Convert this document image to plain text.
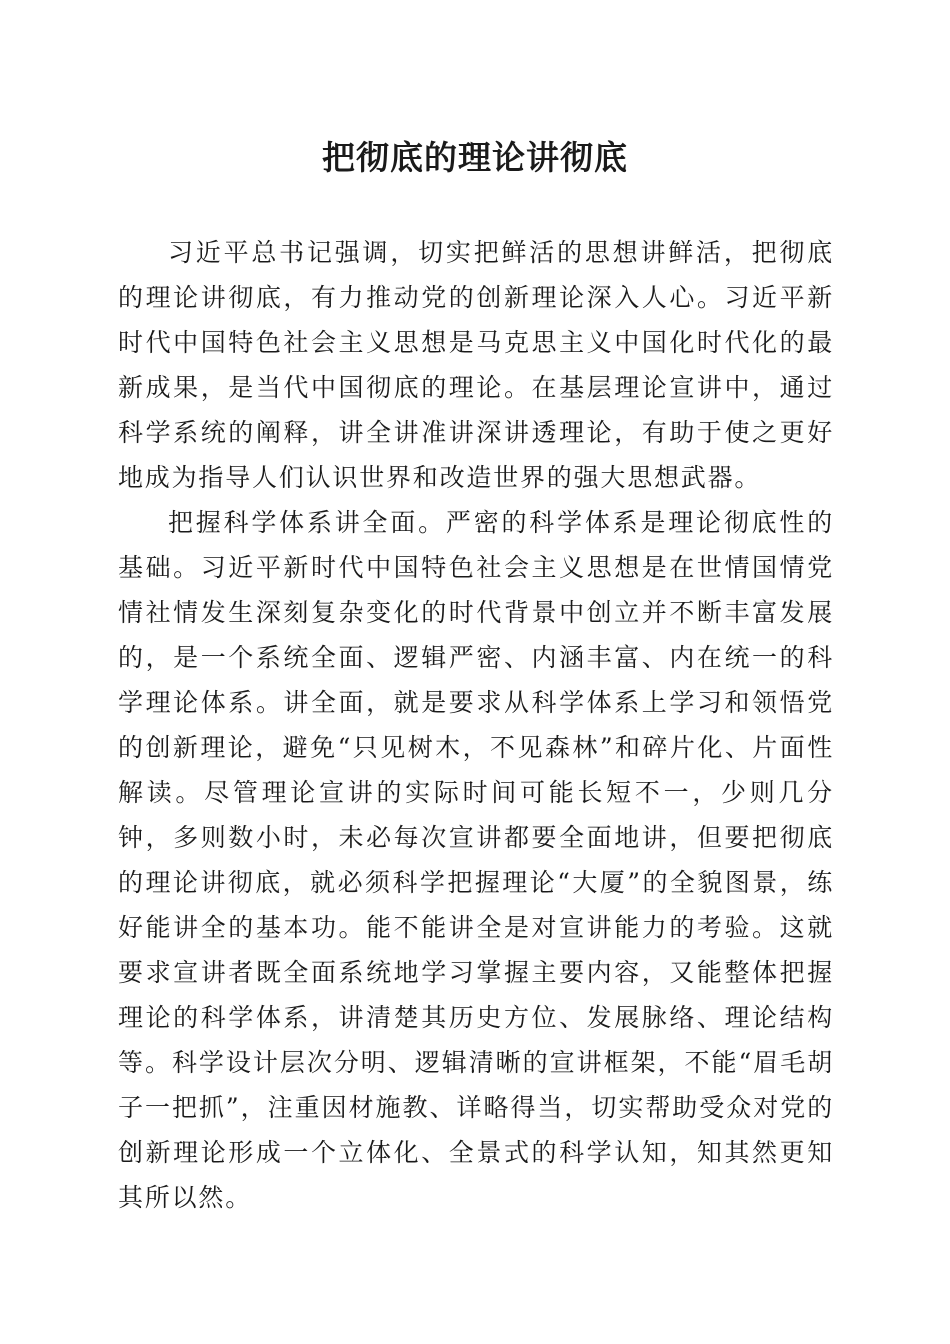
把彻底的理论讲彻底

习近平总书记强调，切实把鲜活的思想讲鲜活，把彻底的理论讲彻底，有力推动党的创新理论深入人心。习近平新时代中国特色社会主义思想是马克思主义中国化时代化的最新成果，是当代中国彻底的理论。在基层理论宣讲中，通过科学系统的阐释，讲全讲准讲深讲透理论，有助于使之更好地成为指导人们认识世界和改造世界的强大思想武器。

把握科学体系讲全面。严密的科学体系是理论彻底性的基础。习近平新时代中国特色社会主义思想是在世情国情党情社情发生深刻复杂变化的时代背景中创立并不断丰富发展的，是一个系统全面、逻辑严密、内涵丰富、内在统一的科学理论体系。讲全面，就是要求从科学体系上学习和领悟党的创新理论，避免“只见树木，不见森林”和碎片化、片面性解读。尽管理论宣讲的实际时间可能长短不一，少则几分钟，多则数小时，未必每次宣讲都要全面地讲，但要把彻底的理论讲彻底，就必须科学把握理论“大厦”的全貌图景，练好能讲全的基本功。能不能讲全是对宣讲能力的考验。这就要求宣讲者既全面系统地学习掌握主要内容，又能整体把握理论的科学体系，讲清楚其历史方位、发展脉络、理论结构等。科学设计层次分明、逻辑清晰的宣讲框架，不能“眉毛胡子一把抓”，注重因材施教、详略得当，切实帮助受众对党的创新理论形成一个立体化、全景式的科学认知，知其然更知其所以然。
